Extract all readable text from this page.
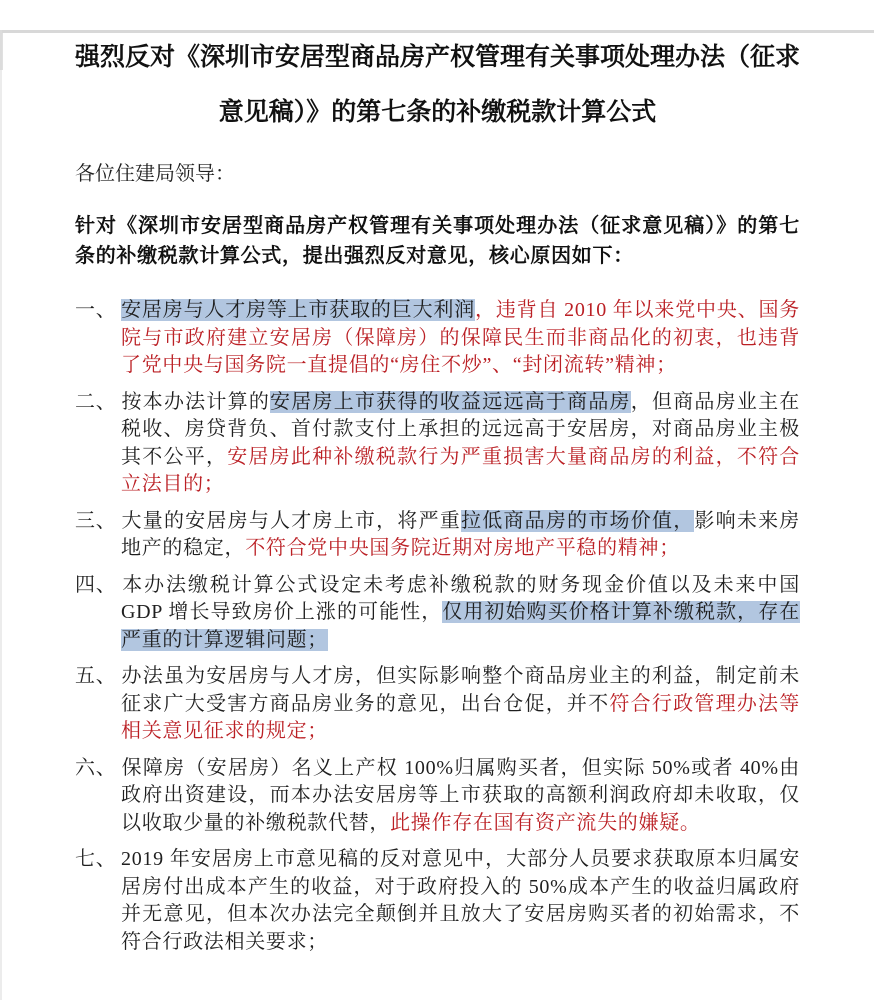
强烈反对《深圳市安居型商品房产权管理有关事项处理办法（征求
意见稿）》的第七条的补缴税款计算公式

各位住建局领导：

针对《深圳市安居型商品房产权管理有关事项处理办法（征求意见稿）》的第七条的补缴税款计算公式，提出强烈反对意见，核心原因如下：

一、 安居房与人才房等上市获取的巨大利润，违背自 2010 年以来党中央、国务院与市政府建立安居房（保障房）的保障民生而非商品化的初衷，也违背了党中央与国务院一直提倡的“房住不炒”、“封闭流转”精神；

二、 按本办法计算的安居房上市获得的收益远远高于商品房，但商品房业主在税收、房贷背负、首付款支付上承担的远远高于安居房，对商品房业主极其不公平，安居房此种补缴税款行为严重损害大量商品房的利益，不符合立法目的；

三、 大量的安居房与人才房上市，将严重拉低商品房的市场价值，影响未来房地产的稳定，不符合党中央国务院近期对房地产平稳的精神；

四、 本办法缴税计算公式设定未考虑补缴税款的财务现金价值以及未来中国 GDP 增长导致房价上涨的可能性，仅用初始购买价格计算补缴税款，存在严重的计算逻辑问题；

五、 办法虽为安居房与人才房，但实际影响整个商品房业主的利益，制定前未征求广大受害方商品房业务的意见，出台仓促，并不符合行政管理办法等相关意见征求的规定；

六、 保障房（安居房）名义上产权 100%归属购买者，但实际 50%或者 40%由政府出资建设，而本办法安居房等上市获取的高额利润政府却未收取，仅以收取少量的补缴税款代替，此操作存在国有资产流失的嫌疑。

七、 2019 年安居房上市意见稿的反对意见中，大部分人员要求获取原本归属安居房付出成本产生的收益，对于政府投入的 50%成本产生的收益归属政府并无意见，但本次办法完全颠倒并且放大了安居房购买者的初始需求，不符合行政法相关要求；
